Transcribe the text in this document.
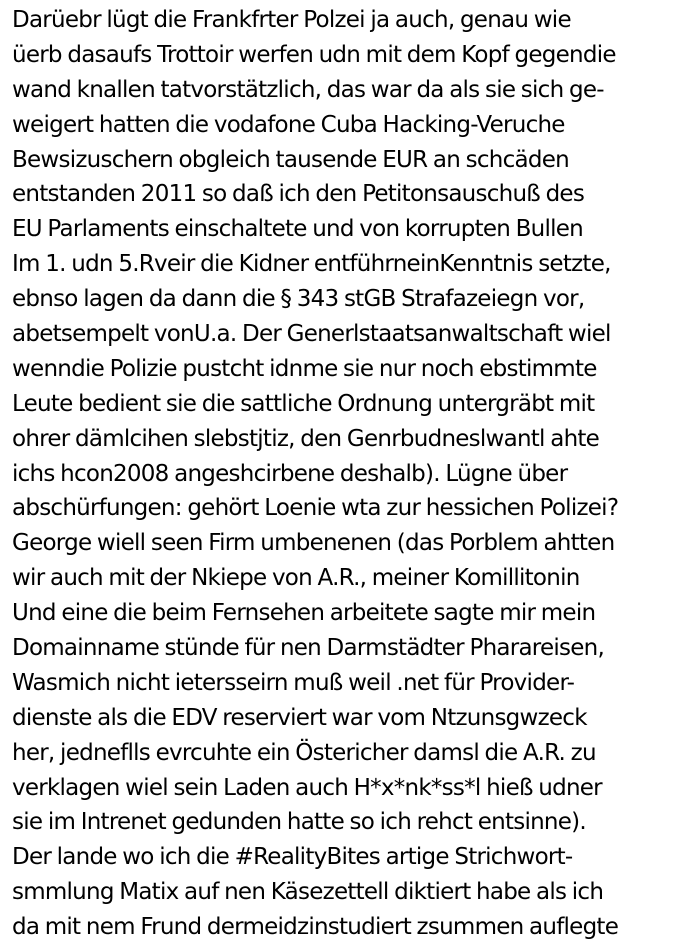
Darüebr lügt die Frankfrter Polzei ja auch, genau wie
üerb dasaufs Trottoir werfen udn mit dem Kopf gegendie
wand knallen tatvorstätzlich, das war da als sie sich ge-
weigert hatten die vodafone Cuba Hacking-Veruche
Bewsizuschern obgleich tausende EUR an schcäden
entstanden 2011 so daß ich den Petitonsauschuß des
EU Parlaments einschaltete und von korrupten Bullen
Im 1. udn 5.Rveir die Kidner entführneinKenntnis setzte,
ebnso lagen da dann die § 343 stGB Strafazeiegn vor,
abetsempelt vonU.a. Der Generlstaatsanwaltschaft wiel
wenndie Polizie pustcht idnme sie nur noch ebstimmte
Leute bedient sie die sattliche Ordnung untergräbt mit
ohrer dämlcihen slebstjtiz, den Genrbudneslwantl ahte
ichs hcon2008 angeshcirbene deshalb). Lügne über
abschürfungen: gehört Loenie wta zur hessichen Polizei?
George wiell seen Firm umbenenen (das Porblem ahtten
wir auch mit der Nkiepe von A.R., meiner Komillitonin
Und eine die beim Fernsehen arbeitete sagte mir mein
Domainname stünde für nen Darmstädter Pharareisen,
Wasmich nicht ietersseirn muß weil .net für Provider-
dienste als die EDV reserviert war vom Ntzunsgwzeck
her, jedneflls evrcuhte ein Östericher damsl die A.R. zu
verklagen wiel sein Laden auch H*x*nk*ss*l hieß udner
sie im Intrenet gedunden hatte so ich rehct entsinne).
Der lande wo ich die #RealityBites artige Strichwort-
smmlung Matix auf nen Käsezettell diktiert habe als ich
da mit nem Frund dermeidzinstudiert zsummen auflegte
